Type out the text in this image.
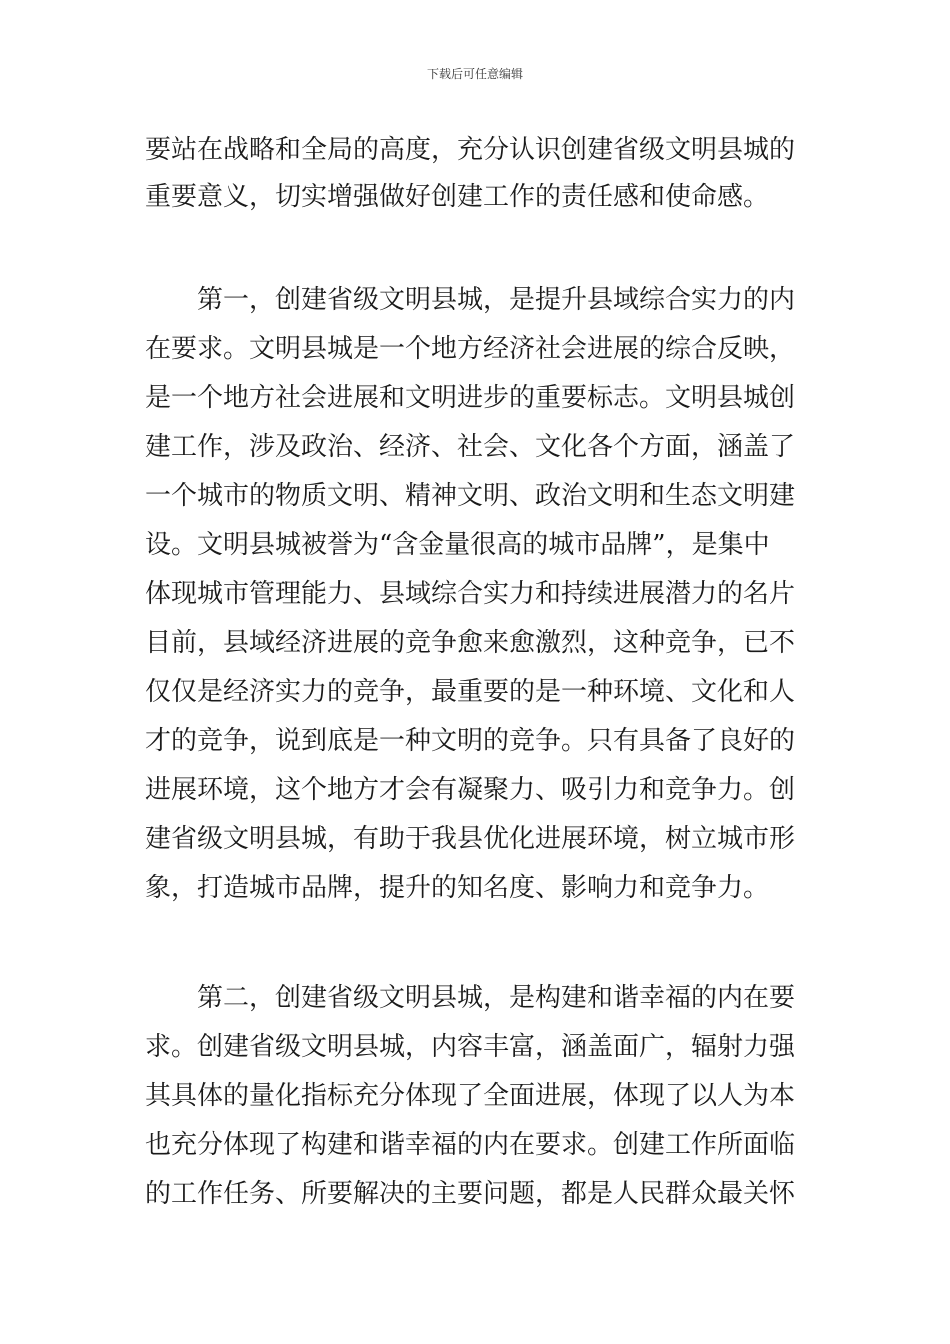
下载后可任意编辑
要站在战略和全局的高度，充分认识创建省级文明县城的
重要意义，切实增强做好创建工作的责任感和使命感。
第一，创建省级文明县城，是提升县域综合实力的内
在要求。文明县城是一个地方经济社会进展的综合反映，
是一个地方社会进展和文明进步的重要标志。文明县城创
建工作，涉及政治、经济、社会、文化各个方面，涵盖了
一个城市的物质文明、精神文明、政治文明和生态文明建
设。文明县城被誉为“含金量很高的城市品牌”，是集中
体现城市管理能力、县域综合实力和持续进展潜力的名片
目前，县域经济进展的竞争愈来愈激烈，这种竞争，已不
仅仅是经济实力的竞争，最重要的是一种环境、文化和人
才的竞争，说到底是一种文明的竞争。只有具备了良好的
进展环境，这个地方才会有凝聚力、吸引力和竞争力。创
建省级文明县城，有助于我县优化进展环境，树立城市形
象，打造城市品牌，提升的知名度、影响力和竞争力。
第二，创建省级文明县城，是构建和谐幸福的内在要
求。创建省级文明县城，内容丰富，涵盖面广，辐射力强
其具体的量化指标充分体现了全面进展，体现了以人为本
也充分体现了构建和谐幸福的内在要求。创建工作所面临
的工作任务、所要解决的主要问题，都是人民群众最关怀
